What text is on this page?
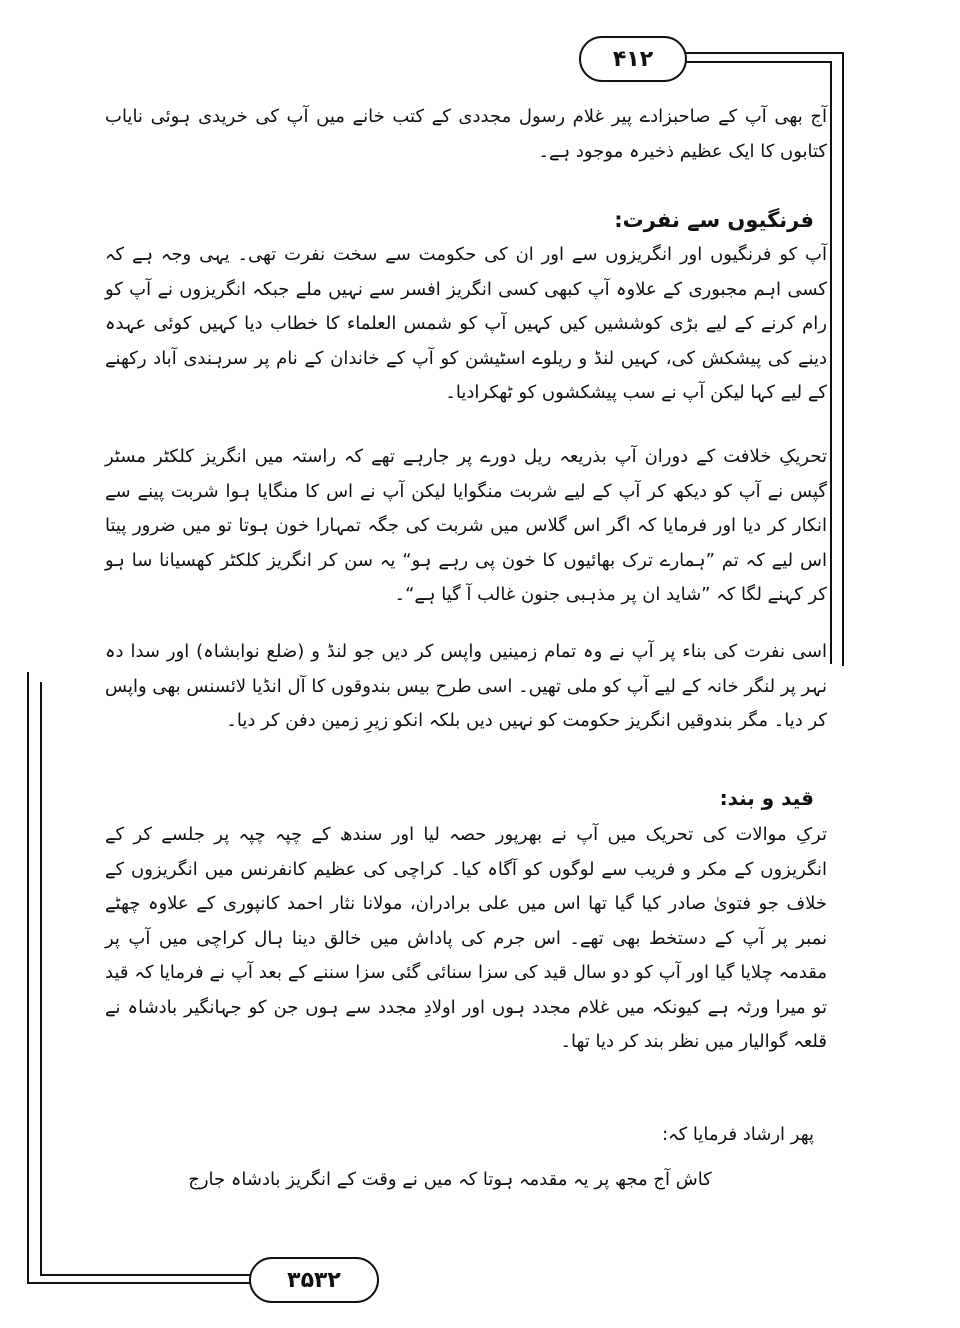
۴۱۲
۳۵۳۲
آج بھی آپ کے صاحبزادے پیر غلام رسول مجددی کے کتب خانے میں آپ کی خریدی ہوئی نایاب کتابوں کا ایک عظیم ذخیرہ موجود ہے۔
فرنگیوں سے نفرت:
آپ کو فرنگیوں اور انگریزوں سے اور ان کی حکومت سے سخت نفرت تھی۔ یہی وجہ ہے کہ کسی اہم مجبوری کے علاوہ آپ کبھی کسی انگریز افسر سے نہیں ملے جبکہ انگریزوں نے آپ کو رام کرنے کے لیے بڑی کوششیں کیں کہیں آپ کو شمس العلماء کا خطاب دیا کہیں کوئی عہدہ دینے کی پیشکش کی، کہیں لنڈ و ریلوے اسٹیشن کو آپ کے خاندان کے نام پر سرہندی آباد رکھنے کے لیے کہا لیکن آپ نے سب پیشکشوں کو ٹھکرادیا۔
تحریکِ خلافت کے دوران آپ بذریعہ ریل دورے پر جارہے تھے کہ راستہ میں انگریز کلکٹر مسٹر گپس نے آپ کو دیکھ کر آپ کے لیے شربت منگوایا لیکن آپ نے اس کا منگایا ہوا شربت پینے سے انکار کر دیا اور فرمایا کہ اگر اس گلاس میں شربت کی جگہ تمہارا خون ہوتا تو میں ضرور پیتا اس لیے کہ تم ”ہمارے ترک بھائیوں کا خون پی رہے ہو“ یہ سن کر انگریز کلکٹر کھسیانا سا ہو کر کہنے لگا کہ ”شاید ان پر مذہبی جنون غالب آ گیا ہے“۔
اسی نفرت کی بناء پر آپ نے وہ تمام زمینیں واپس کر دیں جو لنڈ و (ضلع نوابشاہ) اور سدا دہ نہر پر لنگر خانہ کے لیے آپ کو ملی تھیں۔ اسی طرح بیس بندوقوں کا آل انڈیا لائسنس بھی واپس کر دیا۔ مگر بندوقیں انگریز حکومت کو نہیں دیں بلکہ انکو زیرِ زمین دفن کر دیا۔
قید و بند:
ترکِ موالات کی تحریک میں آپ نے بھرپور حصہ لیا اور سندھ کے چپہ چپہ پر جلسے کر کے انگریزوں کے مکر و فریب سے لوگوں کو آگاہ کیا۔ کراچی کی عظیم کانفرنس میں انگریزوں کے خلاف جو فتویٰ صادر کیا گیا تھا اس میں علی برادران، مولانا نثار احمد کانپوری کے علاوہ چھٹے نمبر پر آپ کے دستخط بھی تھے۔ اس جرم کی پاداش میں خالق دینا ہال کراچی میں آپ پر مقدمہ چلایا گیا اور آپ کو دو سال قید کی سزا سنائی گئی سزا سننے کے بعد آپ نے فرمایا کہ قید تو میرا ورثہ ہے کیونکہ میں غلام مجدد ہوں اور اولادِ مجدد سے ہوں جن کو جہانگیر بادشاہ نے قلعہ گوالیار میں نظر بند کر دیا تھا۔
پھر ارشاد فرمایا کہ:
کاش آج مجھ پر یہ مقدمہ ہوتا کہ میں نے وقت کے انگریز بادشاہ جارج
